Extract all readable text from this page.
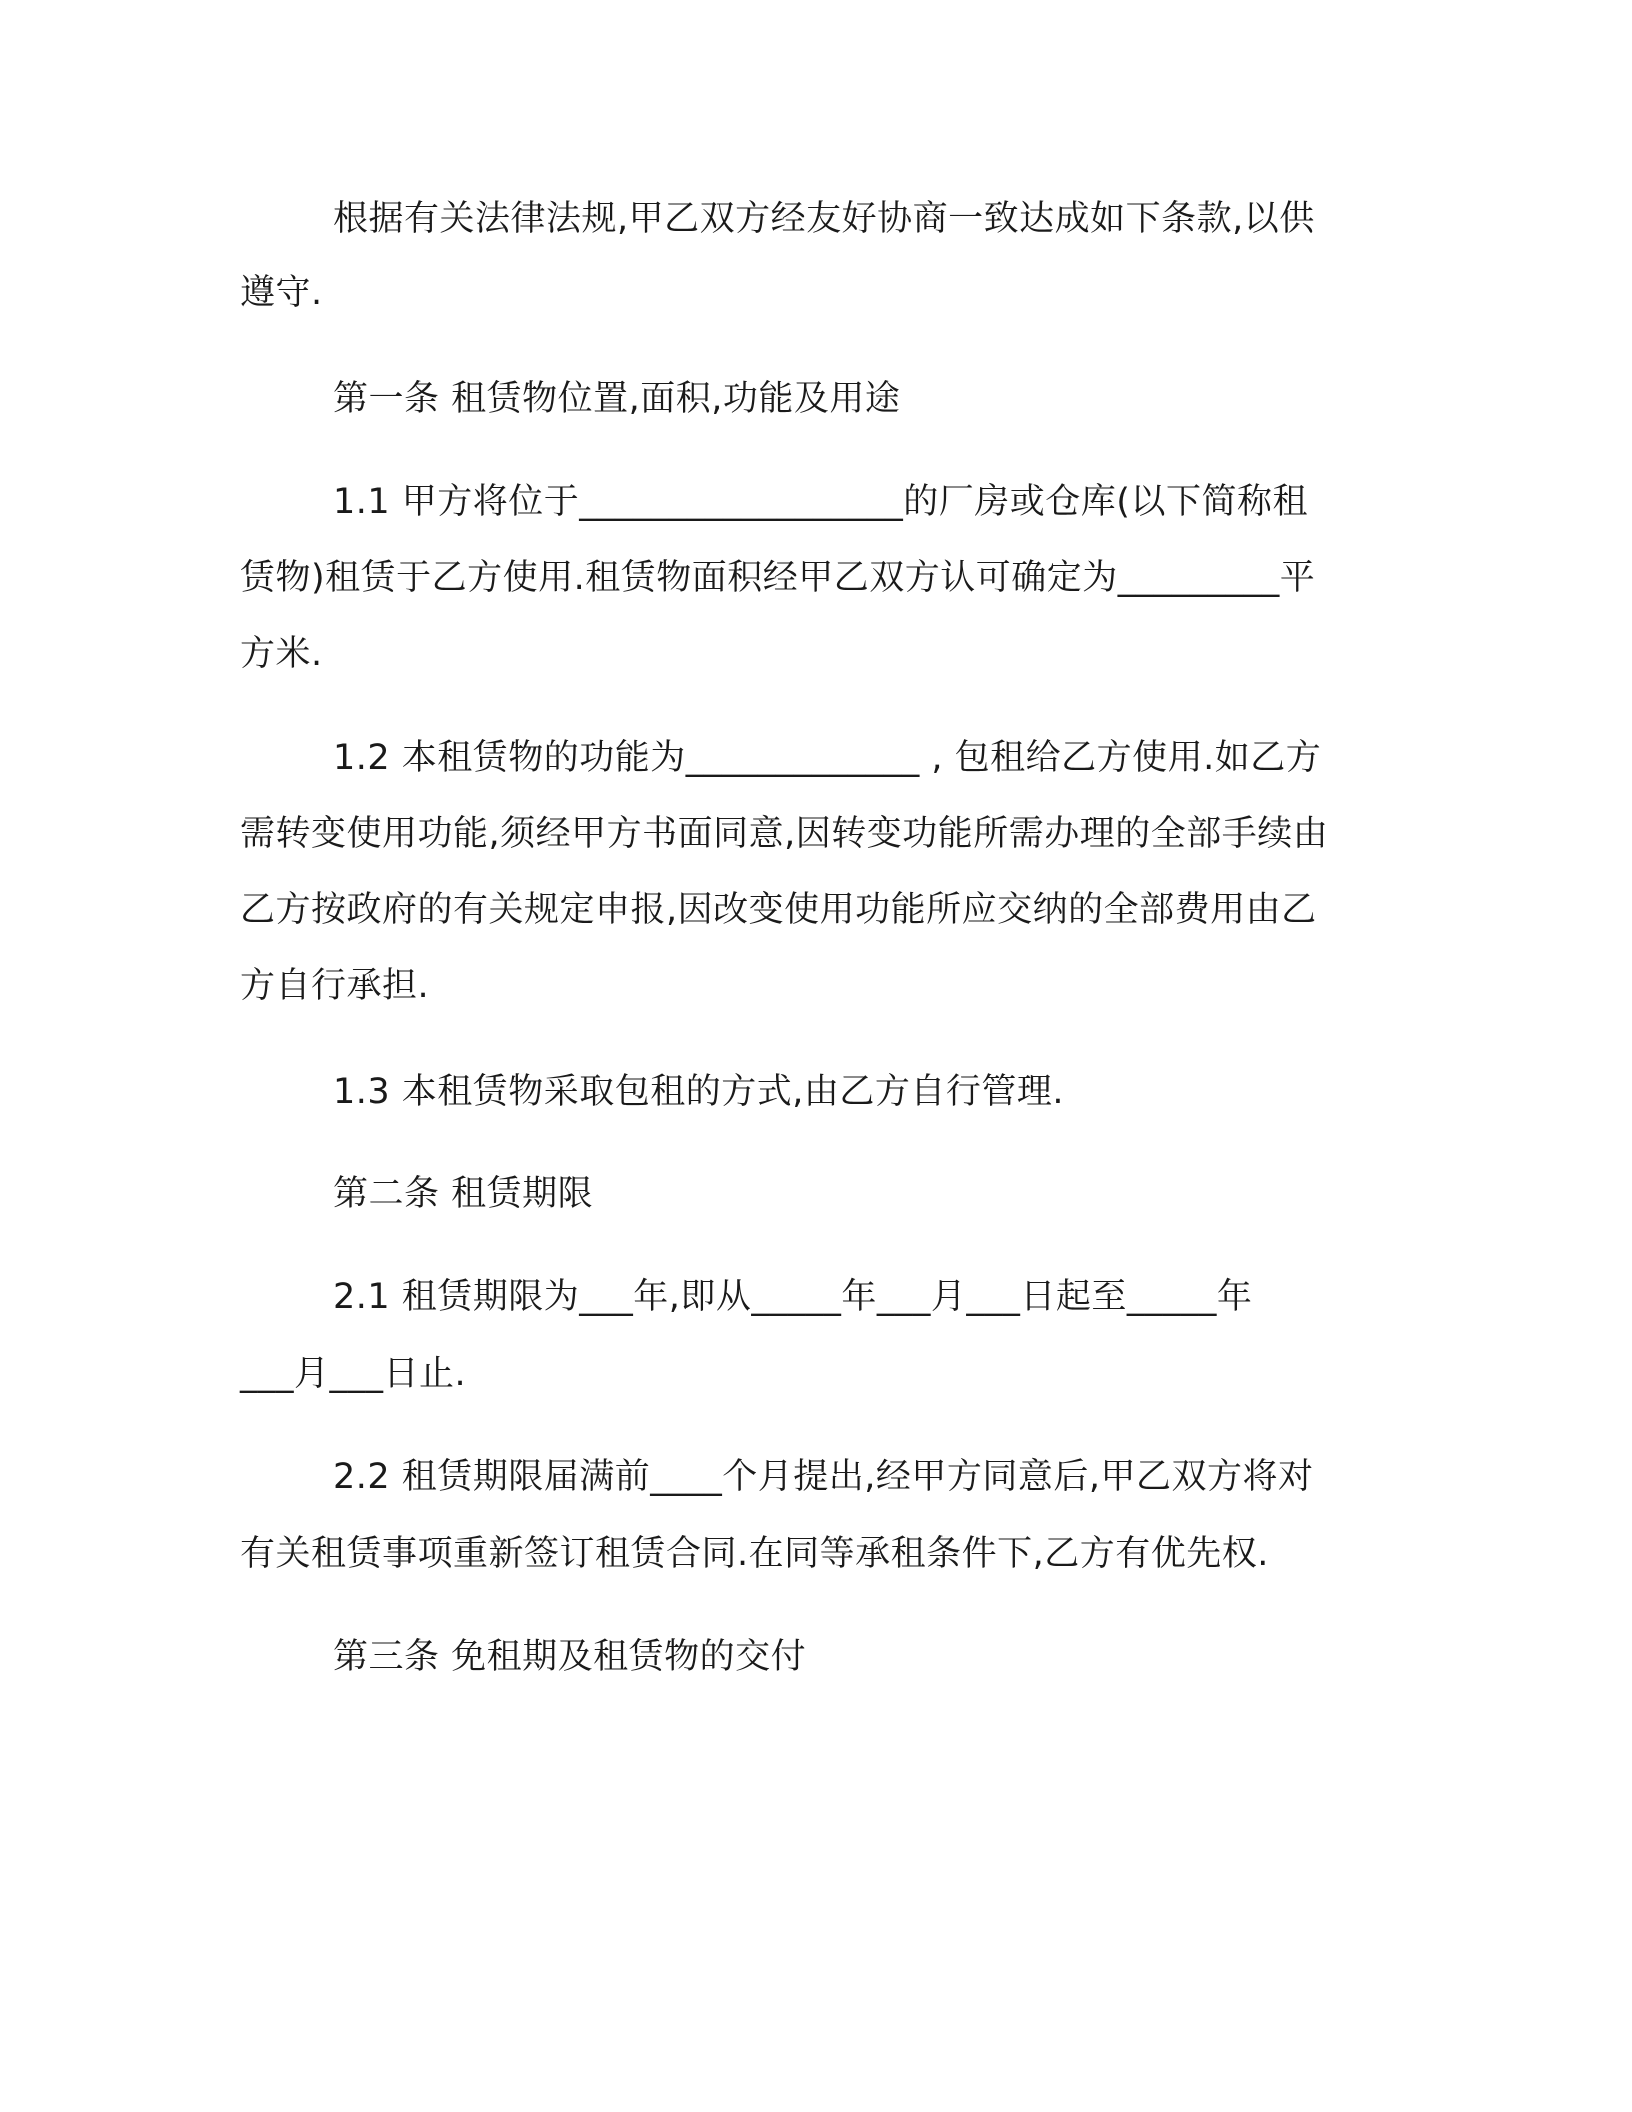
根据有关法律法规,甲乙双方经友好协商一致达成如下条款,以供
遵守.
第一条 租赁物位置,面积,功能及用途
1.1 甲方将位于__________________的厂房或仓库(以下简称租
赁物)租赁于乙方使用.租赁物面积经甲乙双方认可确定为_________平
方米.
1.2 本租赁物的功能为_____________ , 包租给乙方使用.如乙方
需转变使用功能,须经甲方书面同意,因转变功能所需办理的全部手续由
乙方按政府的有关规定申报,因改变使用功能所应交纳的全部费用由乙
方自行承担.
1.3 本租赁物采取包租的方式,由乙方自行管理.
第二条 租赁期限
2.1 租赁期限为___年,即从_____年___月___日起至_____年
___月___日止.
2.2 租赁期限届满前____个月提出,经甲方同意后,甲乙双方将对
有关租赁事项重新签订租赁合同.在同等承租条件下,乙方有优先权.
第三条 免租期及租赁物的交付
